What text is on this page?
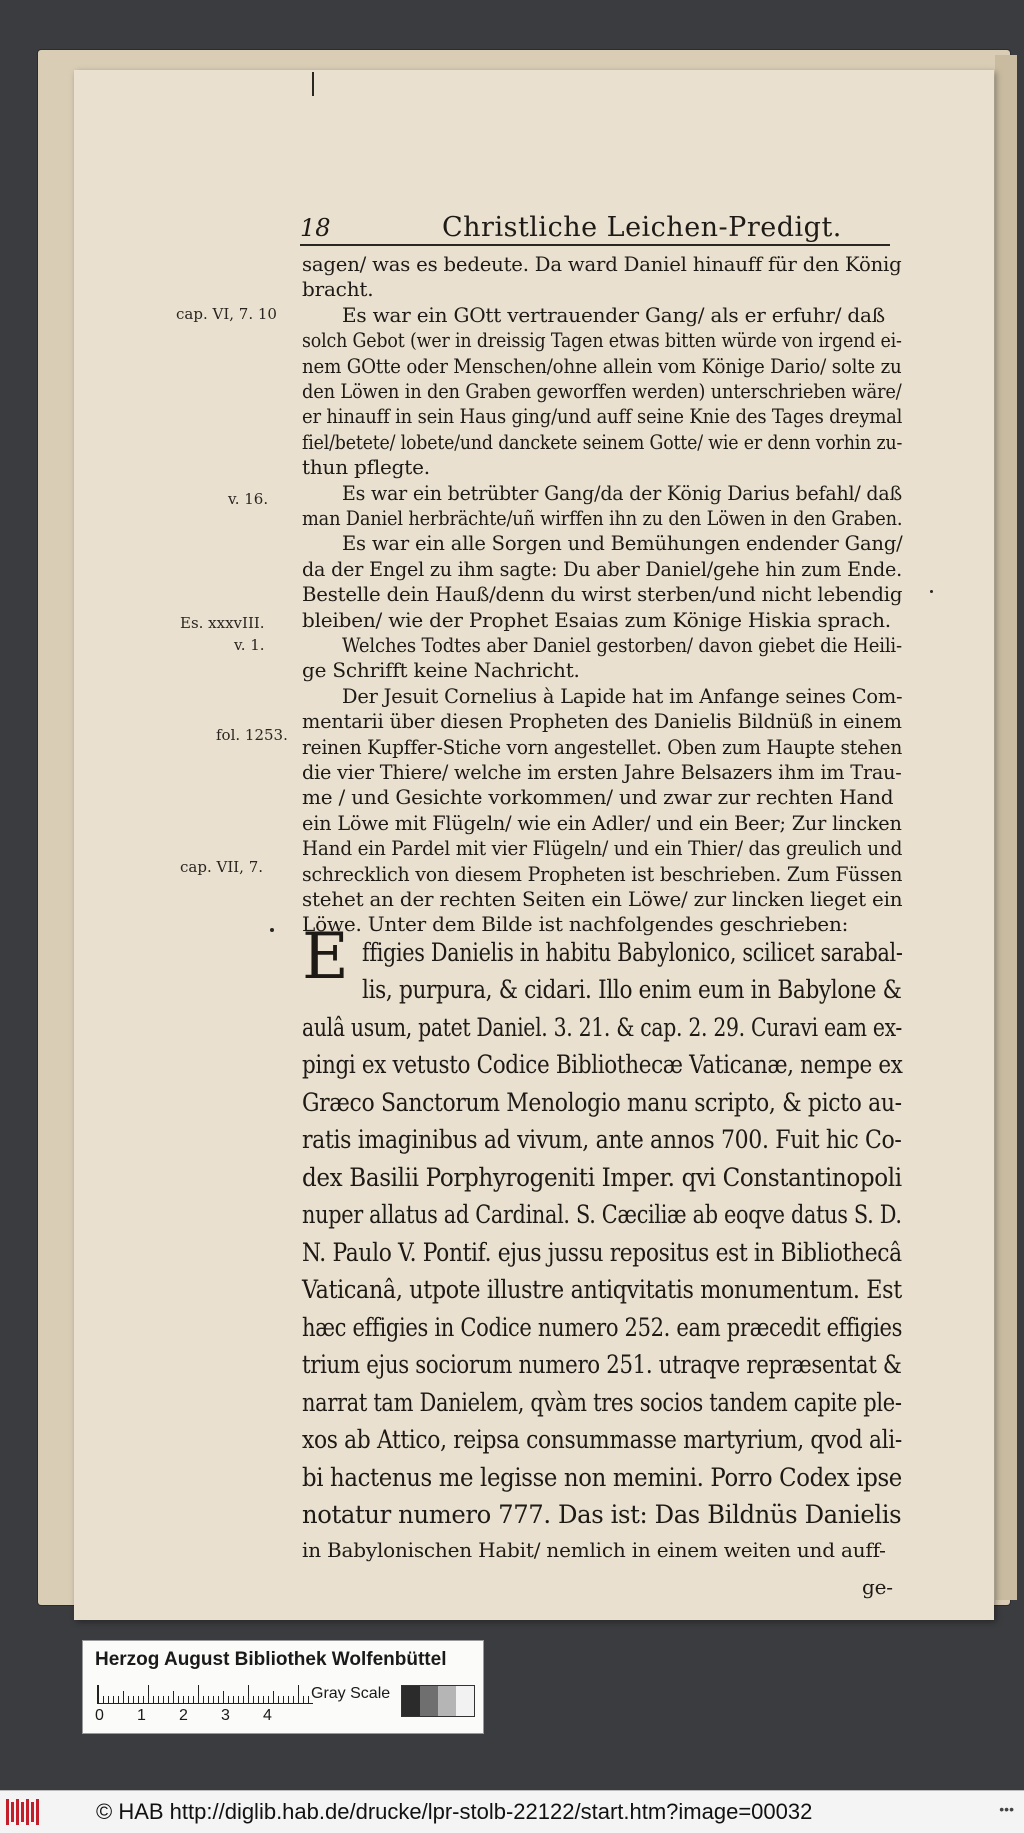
18	Christliche Leichen-Predigt.
cap. VI, 7. 10
v. 16.
Es. xxxvIII.
v. 1.
fol. 1253.
cap. VII, 7.
E
sagen/ was es bedeute. Da ward Daniel hinauff für den König
bracht.
Es war ein GOtt vertrauender Gang/ als er erfuhr/ daß
solch Gebot (wer in dreissig Tagen etwas bitten würde von irgend ei-
nem GOtte oder Menschen/ohne allein vom Könige Dario/ solte zu
den Löwen in den Graben geworffen werden) unterschrieben wäre/
er hinauff in sein Haus ging/und auff seine Knie des Tages dreymal
fiel/betete/ lobete/und danckete seinem Gotte/ wie er denn vorhin zu-
thun pflegte.
Es war ein betrübter Gang/da der König Darius befahl/ daß
man Daniel herbrächte/uñ wirffen ihn zu den Löwen in den Graben.
Es war ein alle Sorgen und Bemühungen endender Gang/
da der Engel zu ihm sagte: Du aber Daniel/gehe hin zum Ende.
Bestelle dein Hauß/denn du wirst sterben/und nicht lebendig
bleiben/ wie der Prophet Esaias zum Könige Hiskia sprach.
Welches Todtes aber Daniel gestorben/ davon giebet die Heili-
ge Schrifft keine Nachricht.
Der Jesuit Cornelius à Lapide hat im Anfange seines Com-
mentarii über diesen Propheten des Danielis Bildnüß in einem
reinen Kupffer-Stiche vorn angestellet. Oben zum Haupte stehen
die vier Thiere/ welche im ersten Jahre Belsazers ihm im Trau-
me / und Gesichte vorkommen/ und zwar zur rechten Hand
ein Löwe mit Flügeln/ wie ein Adler/ und ein Beer; Zur lincken
Hand ein Pardel mit vier Flügeln/ und ein Thier/ das greulich und
schrecklich von diesem Propheten ist beschrieben. Zum Füssen
stehet an der rechten Seiten ein Löwe/ zur lincken lieget ein
Löwe. Unter dem Bilde ist nachfolgendes geschrieben:
ffigies Danielis in habitu Babylonico, scilicet sarabal-
lis, purpura, & cidari. Illo enim eum in Babylone &
aulâ usum, patet Daniel. 3. 21. & cap. 2. 29. Curavi eam ex-
pingi ex vetusto Codice Bibliothecæ Vaticanæ, nempe ex
Græco Sanctorum Menologio manu scripto, & picto au-
ratis imaginibus ad vivum, ante annos 700. Fuit hic Co-
dex Basilii Porphyrogeniti Imper. qvi Constantinopoli
nuper allatus ad Cardinal. S. Cæciliæ ab eoqve datus S. D.
N. Paulo V. Pontif. ejus jussu repositus est in Bibliothecâ
Vaticanâ, utpote illustre antiqvitatis monumentum. Est
hæc effigies in Codice numero 252. eam præcedit effigies
trium ejus sociorum numero 251. utraqve repræsentat &
narrat tam Danielem, qvàm tres socios tandem capite ple-
xos ab Attico, reipsa consummasse martyrium, qvod ali-
bi hactenus me legisse non memini. Porro Codex ipse
notatur numero 777. Das ist: Das Bildnüs Danielis
in Babylonischen Habit/ nemlich in einem weiten und auff-
ge-
Herzog August Bibliothek Wolfenbüttel
0 1 2 3 4
Gray Scale
© HAB http://diglib.hab.de/drucke/lpr-stolb-22122/start.htm?image=00032	•••
